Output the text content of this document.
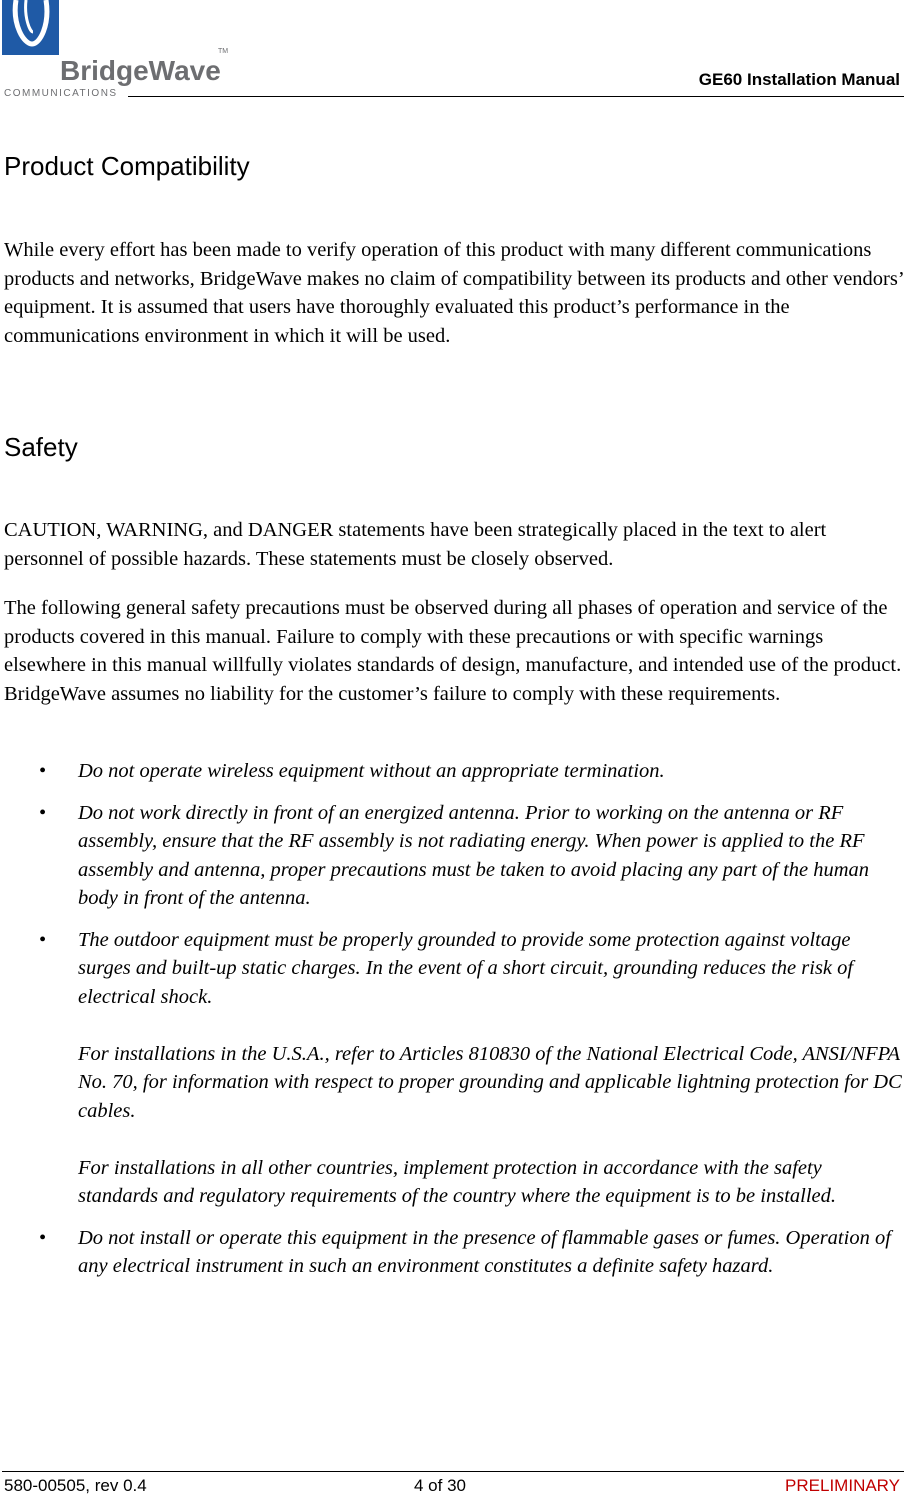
BridgeWave
TM
COMMUNICATIONS
GE60 Installation Manual
Product Compatibility

While every effort has been made to verify operation of this product with many different communications products and networks, BridgeWave makes no claim of compatibility between its products and other vendors’ equipment. It is assumed that users have thoroughly evaluated this product’s performance in the communications environment in which it will be used.

Safety

CAUTION, WARNING, and DANGER statements have been strategically placed in the text to alert personnel of possible hazards. These statements must be closely observed.

The following general safety precautions must be observed during all phases of operation and service of the products covered in this manual. Failure to comply with these precautions or with specific warnings elsewhere in this manual willfully violates standards of design, manufacture, and intended use of the product. BridgeWave assumes no liability for the customer’s failure to comply with these requirements.

• Do not operate wireless equipment without an appropriate termination.
• Do not work directly in front of an energized antenna. Prior to working on the antenna or RF assembly, ensure that the RF assembly is not radiating energy. When power is applied to the RF assembly and antenna, proper precautions must be taken to avoid placing any part of the human body in front of the antenna.
• The outdoor equipment must be properly grounded to provide some protection against voltage surges and built-up static charges. In the event of a short circuit, grounding reduces the risk of electrical shock.
For installations in the U.S.A., refer to Articles 810830 of the National Electrical Code, ANSI/NFPA No. 70, for information with respect to proper grounding and applicable lightning protection for DC cables.
For installations in all other countries, implement protection in accordance with the safety standards and regulatory requirements of the country where the equipment is to be installed.
• Do not install or operate this equipment in the presence of flammable gases or fumes. Operation of any electrical instrument in such an environment constitutes a definite safety hazard.
580-00505, rev 0.4	4 of 30	PRELIMINARY
